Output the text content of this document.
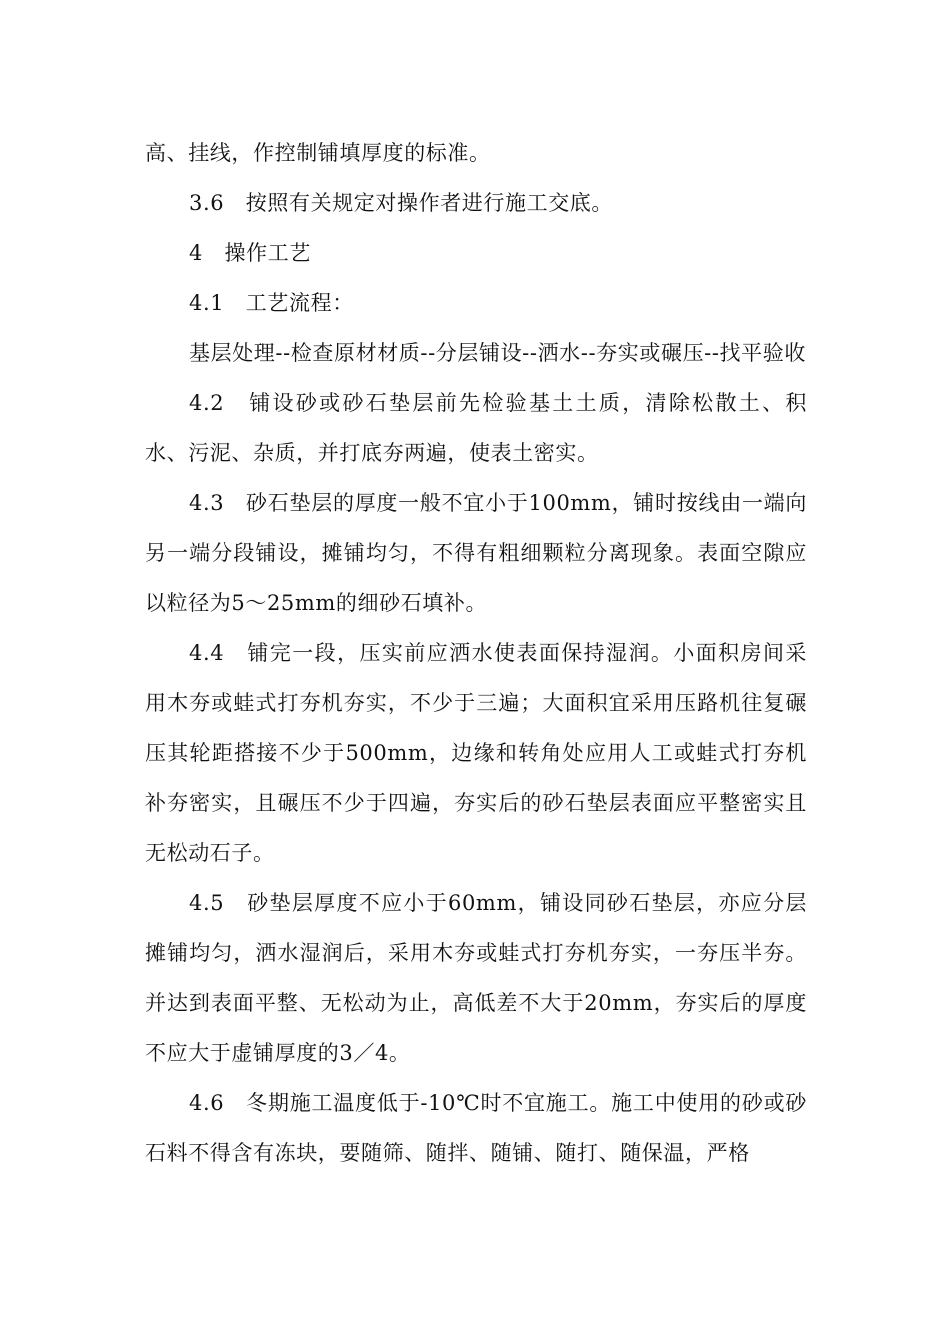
高、挂线，作控制铺填厚度的标准。

3.6　按照有关规定对操作者进行施工交底。

4　操作工艺

4.1　工艺流程：

基层处理--检查原材材质--分层铺设--洒水--夯实或碾压--找平验收

4.2　铺设砂或砂石垫层前先检验基土土质，清除松散土、积水、污泥、杂质，并打底夯两遍，使表土密实。

4.3　砂石垫层的厚度一般不宜小于100mm，铺时按线由一端向另一端分段铺设，摊铺均匀，不得有粗细颗粒分离现象。表面空隙应以粒径为5～25mm的细砂石填补。

4.4　铺完一段，压实前应洒水使表面保持湿润。小面积房间采用木夯或蛙式打夯机夯实，不少于三遍；大面积宜采用压路机往复碾压其轮距搭接不少于500mm，边缘和转角处应用人工或蛙式打夯机补夯密实，且碾压不少于四遍，夯实后的砂石垫层表面应平整密实且无松动石子。

4.5　砂垫层厚度不应小于60mm，铺设同砂石垫层，亦应分层摊铺均匀，洒水湿润后，采用木夯或蛙式打夯机夯实，一夯压半夯。并达到表面平整、无松动为止，高低差不大于20mm，夯实后的厚度不应大于虚铺厚度的3／4。

4.6　冬期施工温度低于-10℃时不宜施工。施工中使用的砂或砂石料不得含有冻块，要随筛、随拌、随铺、随打、随保温，严格
